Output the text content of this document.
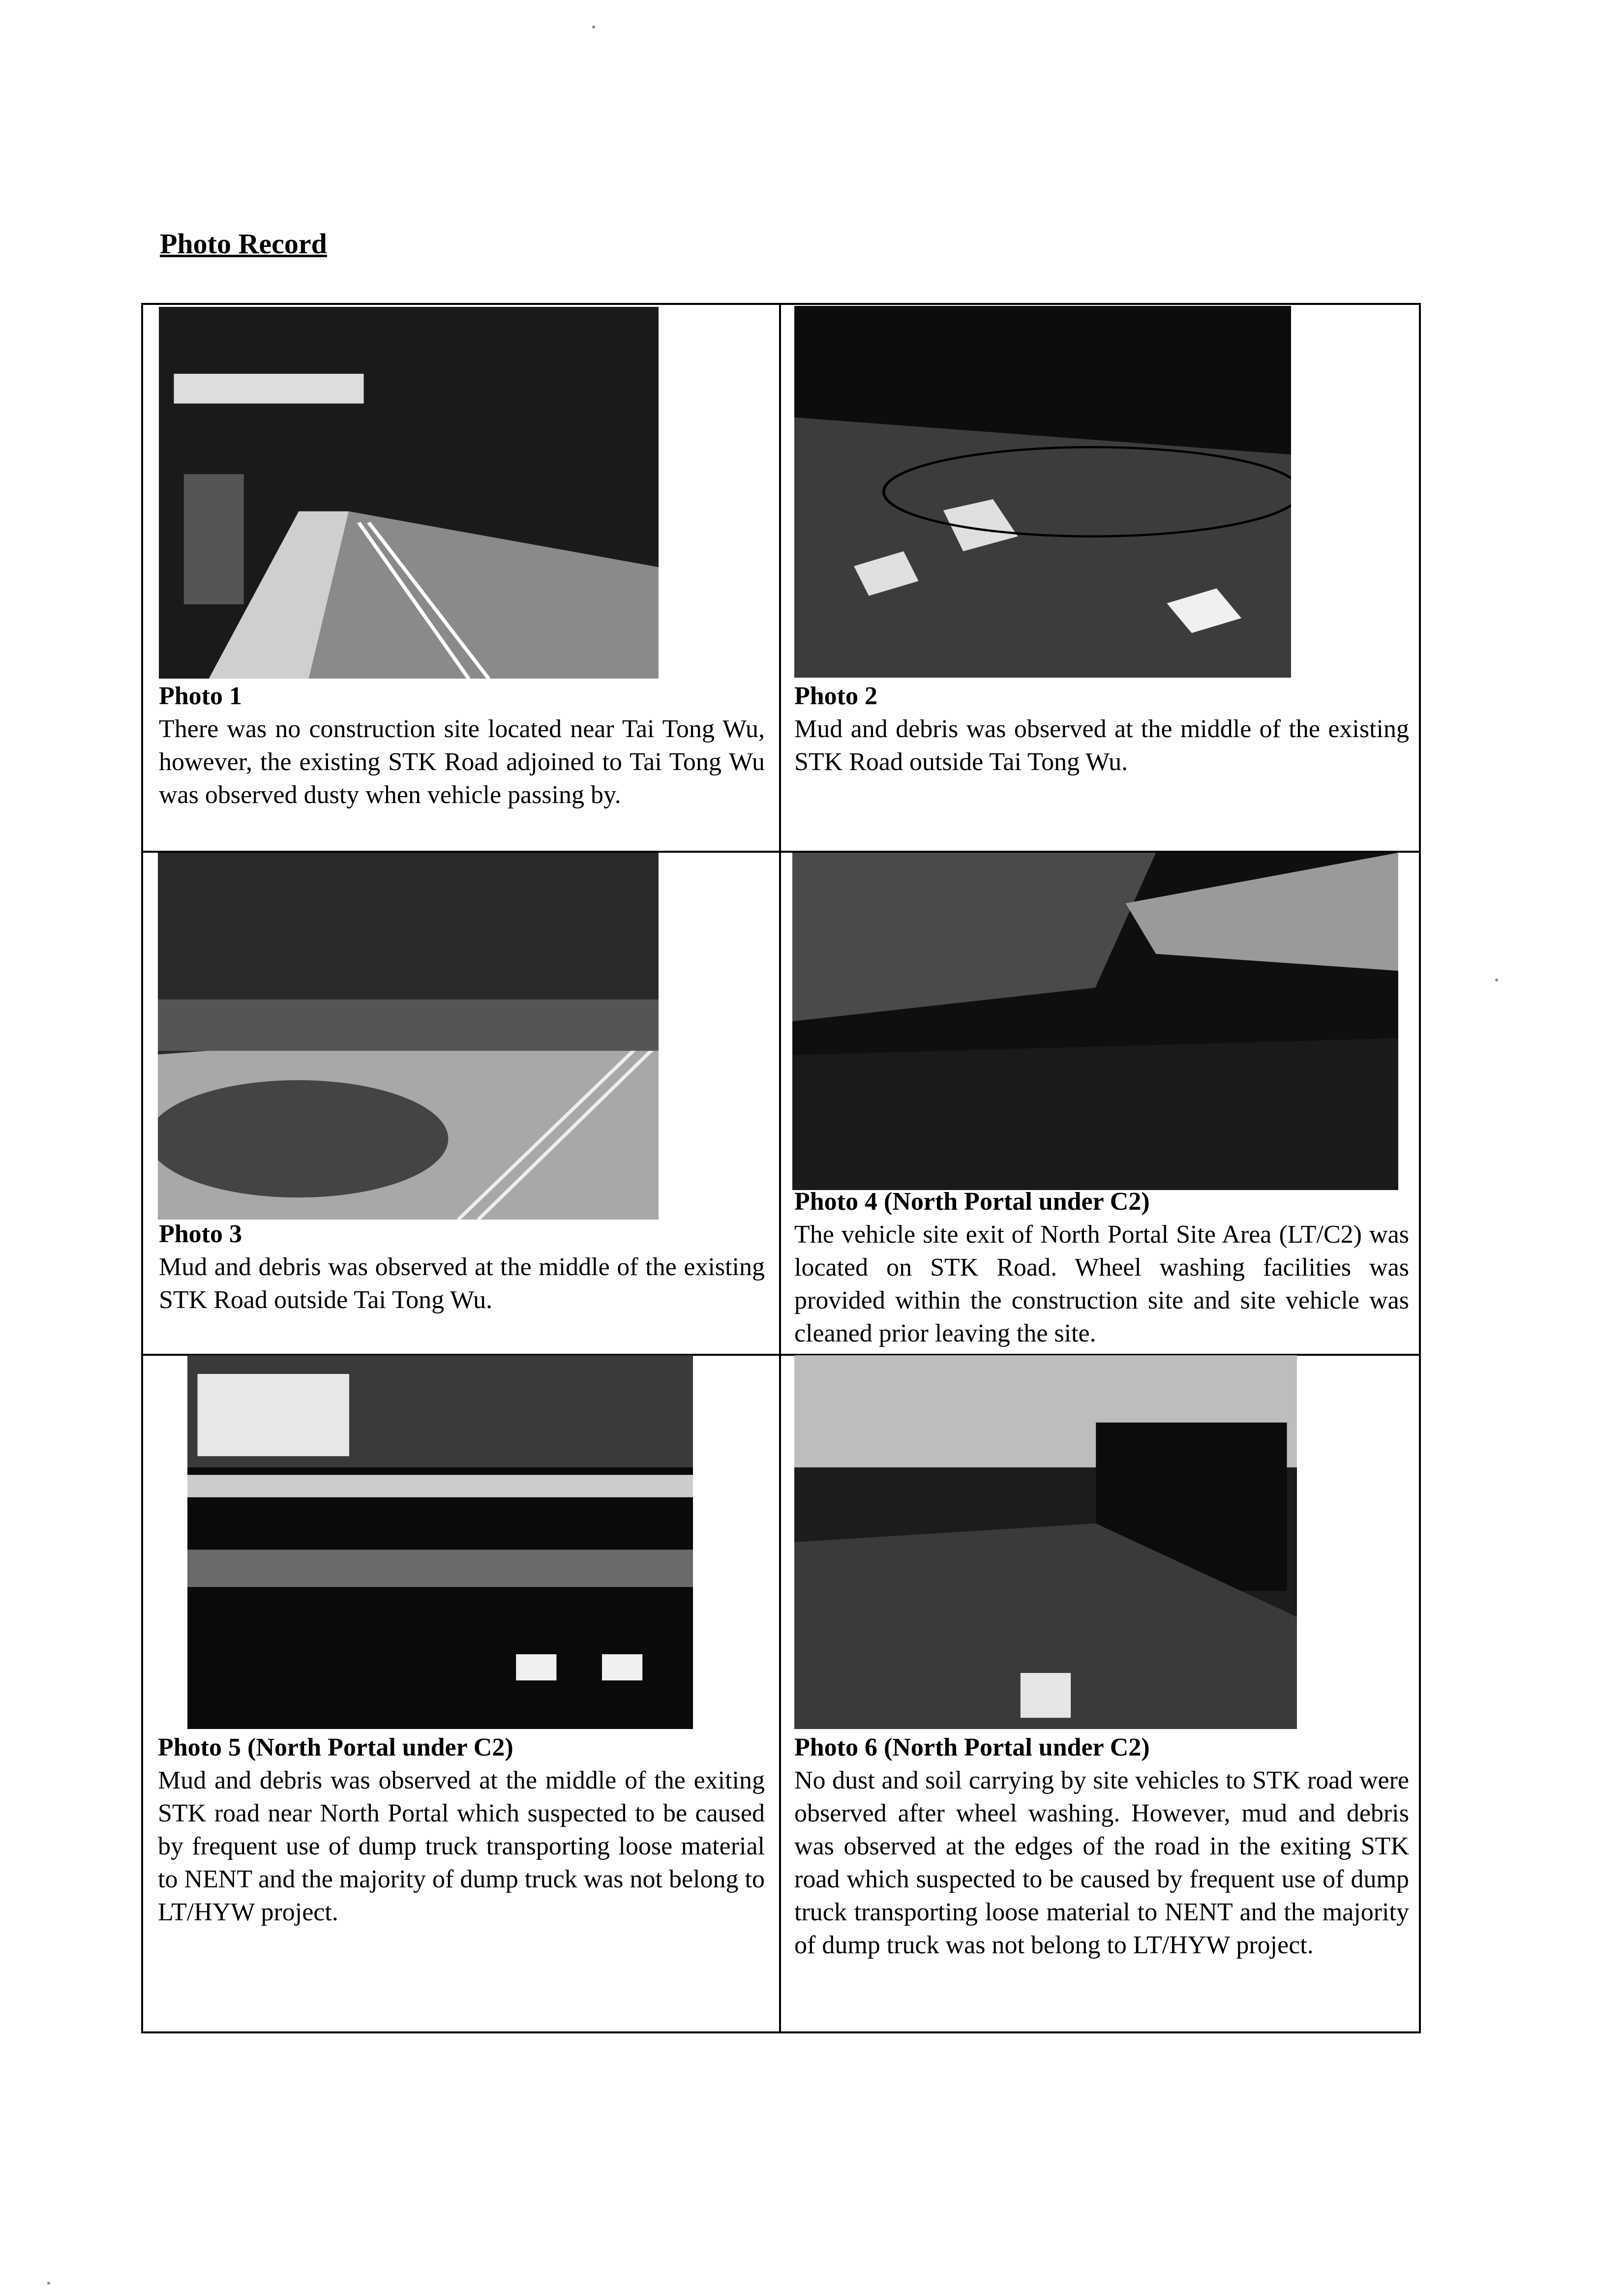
Photo Record
Photo 1
There was no construction site located near Tai Tong Wu, however, the existing STK Road adjoined to Tai Tong Wu was observed dusty when vehicle passing by.
Photo 2
Mud and debris was observed at the middle of the existing STK Road outside Tai Tong Wu.
Photo 3
Mud and debris was observed at the middle of the existing STK Road outside Tai Tong Wu.
Photo 4 (North Portal under C2)
The vehicle site exit of North Portal Site Area (LT/C2) was located on STK Road. Wheel washing facilities was provided within the construction site and site vehicle was cleaned prior leaving the site.
Photo 5 (North Portal under C2)
Mud and debris was observed at the middle of the exiting STK road near North Portal which suspected to be caused by frequent use of dump truck transporting loose material to NENT and the majority of dump truck was not belong to LT/HYW project.
Photo 6 (North Portal under C2)
No dust and soil carrying by site vehicles to STK road were observed after wheel washing. However, mud and debris was observed at the edges of the road in the exiting STK road which suspected to be caused by frequent use of dump truck transporting loose material to NENT and the majority of dump truck was not belong to LT/HYW project.
